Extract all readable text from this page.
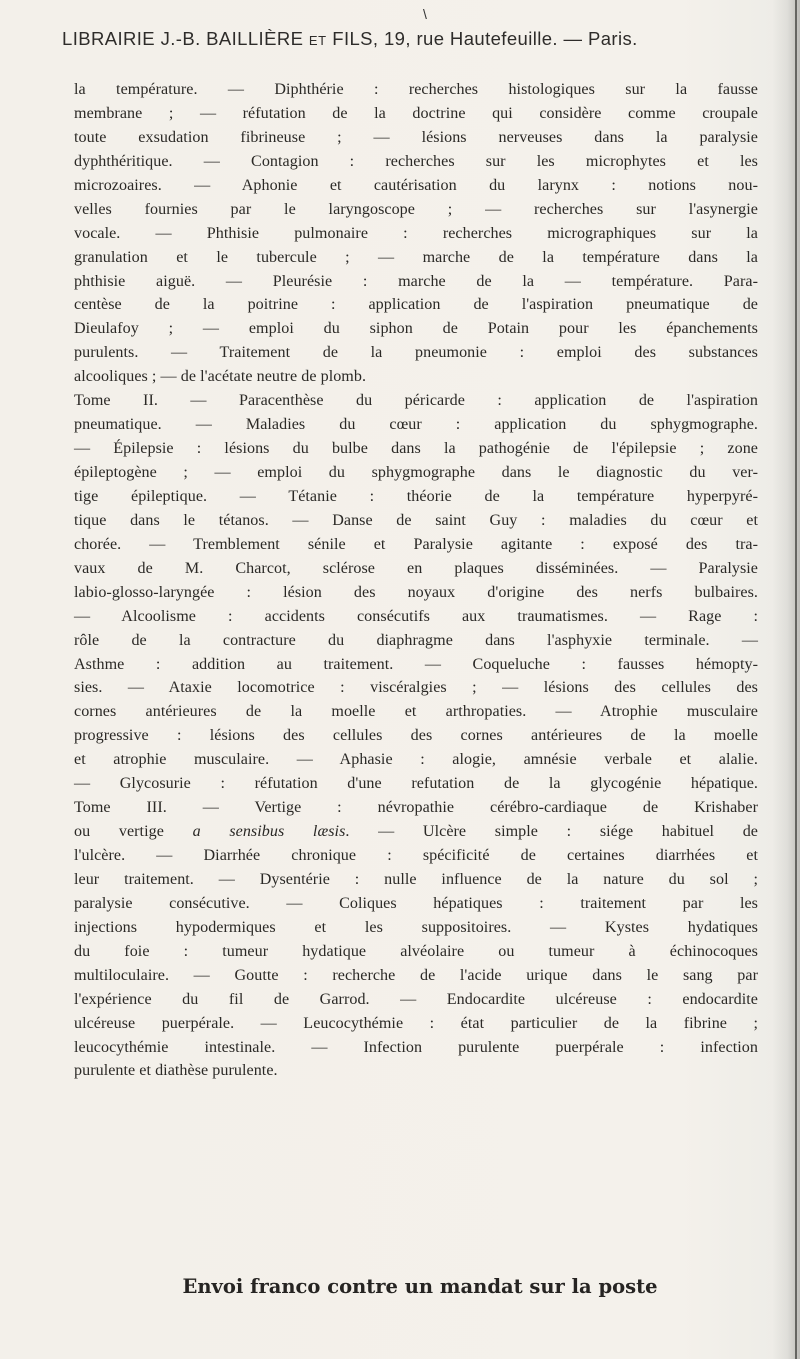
\
LIBRAIRIE J.-B. BAILLIÈRE ET FILS, 19, rue Hautefeuille. — Paris.
la température. — Diphthérie : recherches histologiques sur la fausse
membrane ; — réfutation de la doctrine qui considère comme croupale
toute exsudation fibrineuse ; — lésions nerveuses dans la paralysie
dyphthéritique. — Contagion : recherches sur les microphytes et les
microzoaires. — Aphonie et cautérisation du larynx : notions nou-
velles fournies par le laryngoscope ; — recherches sur l'asynergie
vocale. — Phthisie pulmonaire : recherches micrographiques sur la
granulation et le tubercule ; — marche de la température dans la
phthisie aiguë. — Pleurésie : marche de la — température. Para-
centèse de la poitrine : application de l'aspiration pneumatique de
Dieulafoy ; — emploi du siphon de Potain pour les épanchements
purulents. — Traitement de la pneumonie : emploi des substances
alcooliques ; — de l'acétate neutre de plomb.
Tome II. — Paracenthèse du péricarde : application de l'aspiration
pneumatique. — Maladies du cœur : application du sphygmographe.
— Épilepsie : lésions du bulbe dans la pathogénie de l'épilepsie ; zone
épileptogène ; — emploi du sphygmographe dans le diagnostic du ver-
tige épileptique. — Tétanie : théorie de la température hyperpyré-
tique dans le tétanos. — Danse de saint Guy : maladies du cœur et
chorée. — Tremblement sénile et Paralysie agitante : exposé des tra-
vaux de M. Charcot, sclérose en plaques disséminées. — Paralysie
labio-glosso-laryngée : lésion des noyaux d'origine des nerfs bulbaires.
— Alcoolisme : accidents consécutifs aux traumatismes. — Rage :
rôle de la contracture du diaphragme dans l'asphyxie terminale. —
Asthme : addition au traitement. — Coqueluche : fausses hémopty-
sies. — Ataxie locomotrice : viscéralgies ; — lésions des cellules des
cornes antérieures de la moelle et arthropaties. — Atrophie musculaire
progressive : lésions des cellules des cornes antérieures de la moelle
et atrophie musculaire. — Aphasie : alogie, amnésie verbale et alalie.
— Glycosurie : réfutation d'une refutation de la glycogénie hépatique.
Tome III. — Vertige : névropathie cérébro-cardiaque de Krishaber
ou vertige a sensibus læsis. — Ulcère simple : siége habituel de
l'ulcère. — Diarrhée chronique : spécificité de certaines diarrhées et
leur traitement. — Dysentérie : nulle influence de la nature du sol ;
paralysie consécutive. — Coliques hépatiques : traitement par les
injections hypodermiques et les suppositoires. — Kystes hydatiques
du foie : tumeur hydatique alvéolaire ou tumeur à échinocoques
multiloculaire. — Goutte : recherche de l'acide urique dans le sang par
l'expérience du fil de Garrod. — Endocardite ulcéreuse : endocardite
ulcéreuse puerpérale. — Leucocythémie : état particulier de la fibrine ;
leucocythémie intestinale. — Infection purulente puerpérale : infection
purulente et diathèse purulente.
Envoi franco contre un mandat sur la poste
